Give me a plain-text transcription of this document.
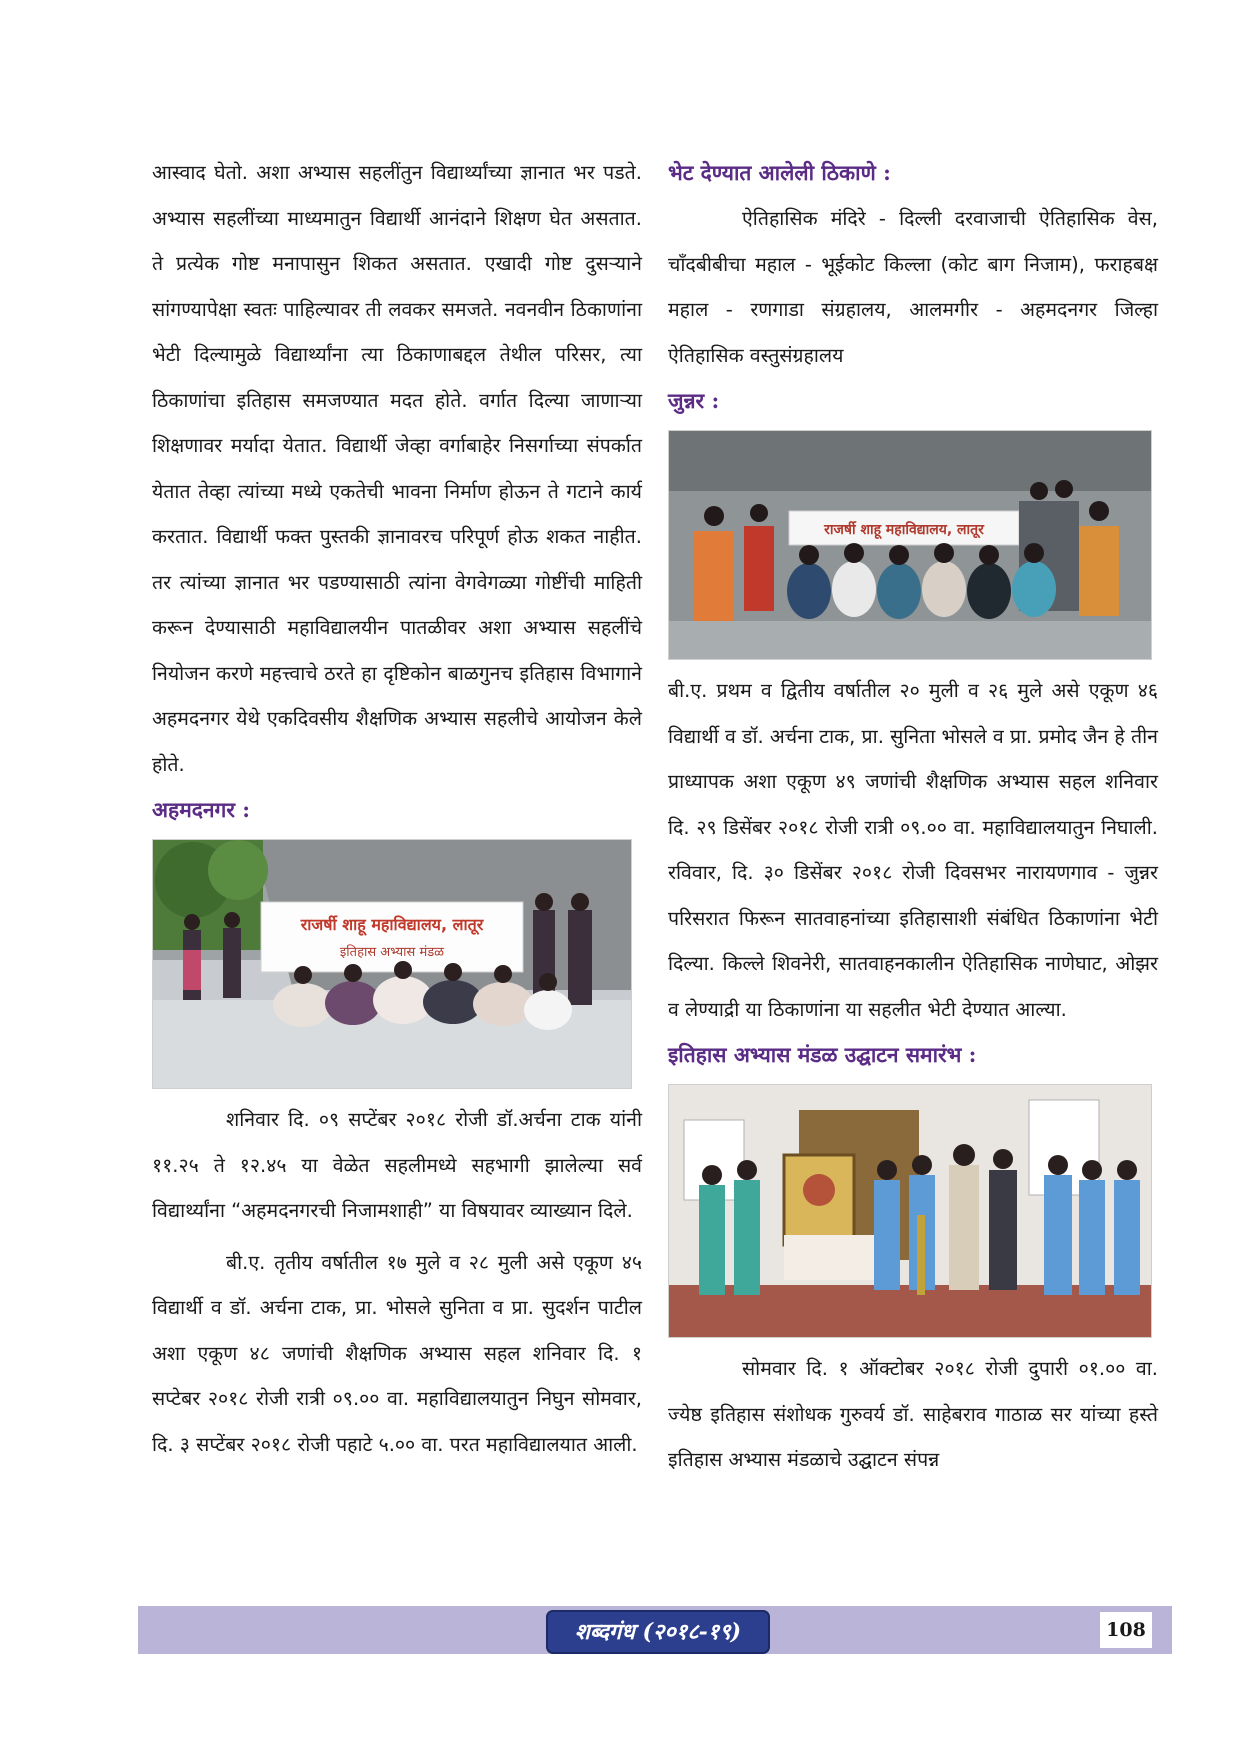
आस्वाद घेतो. अशा अभ्यास सहलींतुन विद्यार्थ्यांच्या ज्ञानात भर पडते. अभ्यास सहलींच्या माध्यमातुन विद्यार्थी आनंदाने शिक्षण घेत असतात. ते प्रत्येक गोष्ट मनापासुन शिकत असतात. एखादी गोष्ट दुसऱ्याने सांगण्यापेक्षा स्वतः पाहिल्यावर ती लवकर समजते. नवनवीन ठिकाणांना भेटी दिल्यामुळे विद्यार्थ्यांना त्या ठिकाणाबद्दल तेथील परिसर, त्या ठिकाणांचा इतिहास समजण्यात मदत होते. वर्गात दिल्या जाणाऱ्या शिक्षणावर मर्यादा येतात. विद्यार्थी जेव्हा वर्गाबाहेर निसर्गाच्या संपर्कात येतात तेव्हा त्यांच्या मध्ये एकतेची भावना निर्माण होऊन ते गटाने कार्य करतात. विद्यार्थी फक्त पुस्तकी ज्ञानावरच परिपूर्ण होऊ शकत नाहीत. तर त्यांच्या ज्ञानात भर पडण्यासाठी त्यांना वेगवेगळ्या गोष्टींची माहिती करून देण्यासाठी महाविद्यालयीन पातळीवर अशा अभ्यास सहलींचे नियोजन करणे महत्त्वाचे ठरते हा दृष्टिकोन बाळगुनच इतिहास विभागाने अहमदनगर येथे एकदिवसीय शैक्षणिक अभ्यास सहलीचे आयोजन केले होते.

अहमदनगर :
राजर्षी शाहू महाविद्यालय, लातूर
इतिहास अभ्यास मंडळ

शनिवार दि. ०९ सप्टेंबर २०१८ रोजी डॉ.अर्चना टाक यांनी ११.२५ ते १२.४५ या वेळेत सहलीमध्ये सहभागी झालेल्या सर्व विद्यार्थ्यांना “अहमदनगरची निजामशाही” या विषयावर व्याख्यान दिले.

बी.ए. तृतीय वर्षातील १७ मुले व २८ मुली असे एकूण ४५ विद्यार्थी व डॉ. अर्चना टाक, प्रा. भोसले सुनिता व प्रा. सुदर्शन पाटील अशा एकूण ४८ जणांची शैक्षणिक अभ्यास सहल शनिवार दि. १ सप्टेबर २०१८ रोजी रात्री ०९.०० वा. महाविद्यालयातुन निघुन सोमवार, दि. ३ सप्टेंबर २०१८ रोजी पहाटे ५.०० वा. परत महाविद्यालयात आली.

भेट देण्यात आलेली ठिकाणे :

ऐतिहासिक मंदिरे - दिल्ली दरवाजाची ऐतिहासिक वेस, चाँदबीबीचा महाल - भूईकोट किल्ला (कोट बाग निजाम), फराहबक्ष महाल - रणगाडा संग्रहालय, आलमगीर - अहमदनगर जिल्हा ऐतिहासिक वस्तुसंग्रहालय

जुन्नर :
राजर्षी शाहू महाविद्यालय, लातूर

बी.ए. प्रथम व द्वितीय वर्षातील २० मुली व २६ मुले असे एकूण ४६ विद्यार्थी व डॉ. अर्चना टाक, प्रा. सुनिता भोसले व प्रा. प्रमोद जैन हे तीन प्राध्यापक अशा एकूण ४९ जणांची शैक्षणिक अभ्यास सहल शनिवार दि. २९ डिसेंबर २०१८ रोजी रात्री ०९.०० वा. महाविद्यालयातुन निघाली. रविवार, दि. ३० डिसेंबर २०१८ रोजी दिवसभर नारायणगाव - जुन्नर परिसरात फिरून सातवाहनांच्या इतिहासाशी संबंधित ठिकाणांना भेटी दिल्या. किल्ले शिवनेरी, सातवाहनकालीन ऐतिहासिक नाणेघाट, ओझर व लेण्याद्री या ठिकाणांना या सहलीत भेटी देण्यात आल्या.

इतिहास अभ्यास मंडळ उद्घाटन समारंभ :

सोमवार दि. १ ऑक्टोबर २०१८ रोजी दुपारी ०१.०० वा. ज्येष्ठ इतिहास संशोधक गुरुवर्य डॉ. साहेबराव गाठाळ सर यांच्या हस्ते इतिहास अभ्यास मंडळाचे उद्घाटन संपन्न

शब्दगंध (२०१८-१९)	108
